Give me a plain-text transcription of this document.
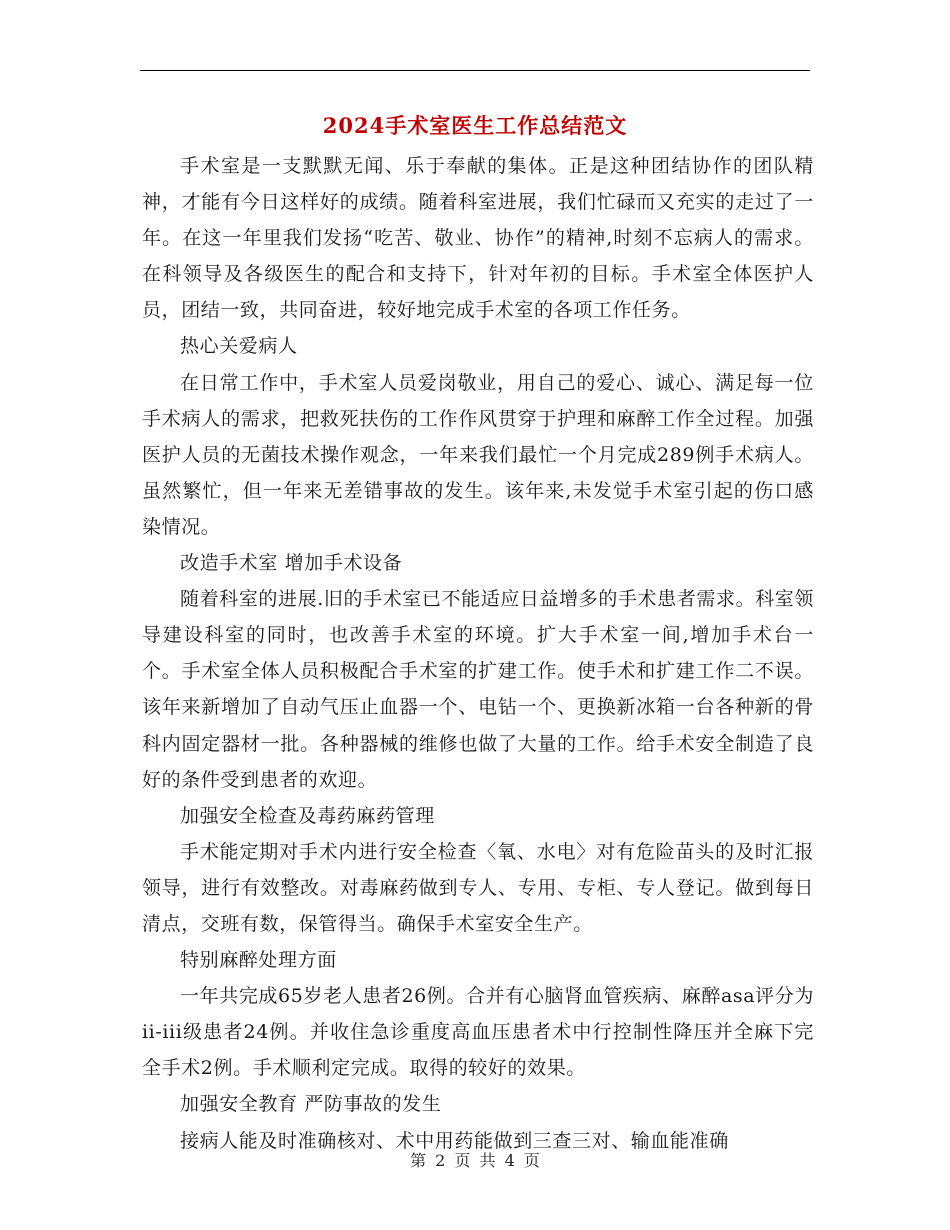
2024手术室医生工作总结范文

手术室是一支默默无闻、乐于奉献的集体。正是这种团结协作的团队精神，才能有今日这样好的成绩。随着科室进展，我们忙碌而又充实的走过了一年。在这一年里我们发扬“吃苦、敬业、协作”的精神,时刻不忘病人的需求。在科领导及各级医生的配合和支持下，针对年初的目标。手术室全体医护人员，团结一致，共同奋进，较好地完成手术室的各项工作任务。

热心关爱病人

在日常工作中，手术室人员爱岗敬业，用自己的爱心、诚心、满足每一位手术病人的需求，把救死扶伤的工作作风贯穿于护理和麻醉工作全过程。加强医护人员的无菌技术操作观念，一年来我们最忙一个月完成289例手术病人。虽然繁忙，但一年来无差错事故的发生。该年来,未发觉手术室引起的伤口感染情况。

改造手术室 增加手术设备

随着科室的进展.旧的手术室已不能适应日益增多的手术患者需求。科室领导建设科室的同时，也改善手术室的环境。扩大手术室一间,增加手术台一个。手术室全体人员积极配合手术室的扩建工作。使手术和扩建工作二不误。该年来新增加了自动气压止血器一个、电钻一个、更换新冰箱一台各种新的骨科内固定器材一批。各种器械的维修也做了大量的工作。给手术安全制造了良好的条件受到患者的欢迎。

加强安全检查及毒药麻药管理

手术能定期对手术内进行安全检查〈氧、水电〉对有危险苗头的及时汇报领导，进行有效整改。对毒麻药做到专人、专用、专柜、专人登记。做到每日清点，交班有数，保管得当。确保手术室安全生产。

特别麻醉处理方面

一年共完成65岁老人患者26例。合并有心脑肾血管疾病、麻醉asa评分为ii-iii级患者24例。并收住急诊重度高血压患者术中行控制性降压并全麻下完全手术2例。手术顺利定完成。取得的较好的效果。

加强安全教育 严防事故的发生

接病人能及时准确核对、术中用药能做到三查三对、输血能准确

第 2 页 共 4 页
